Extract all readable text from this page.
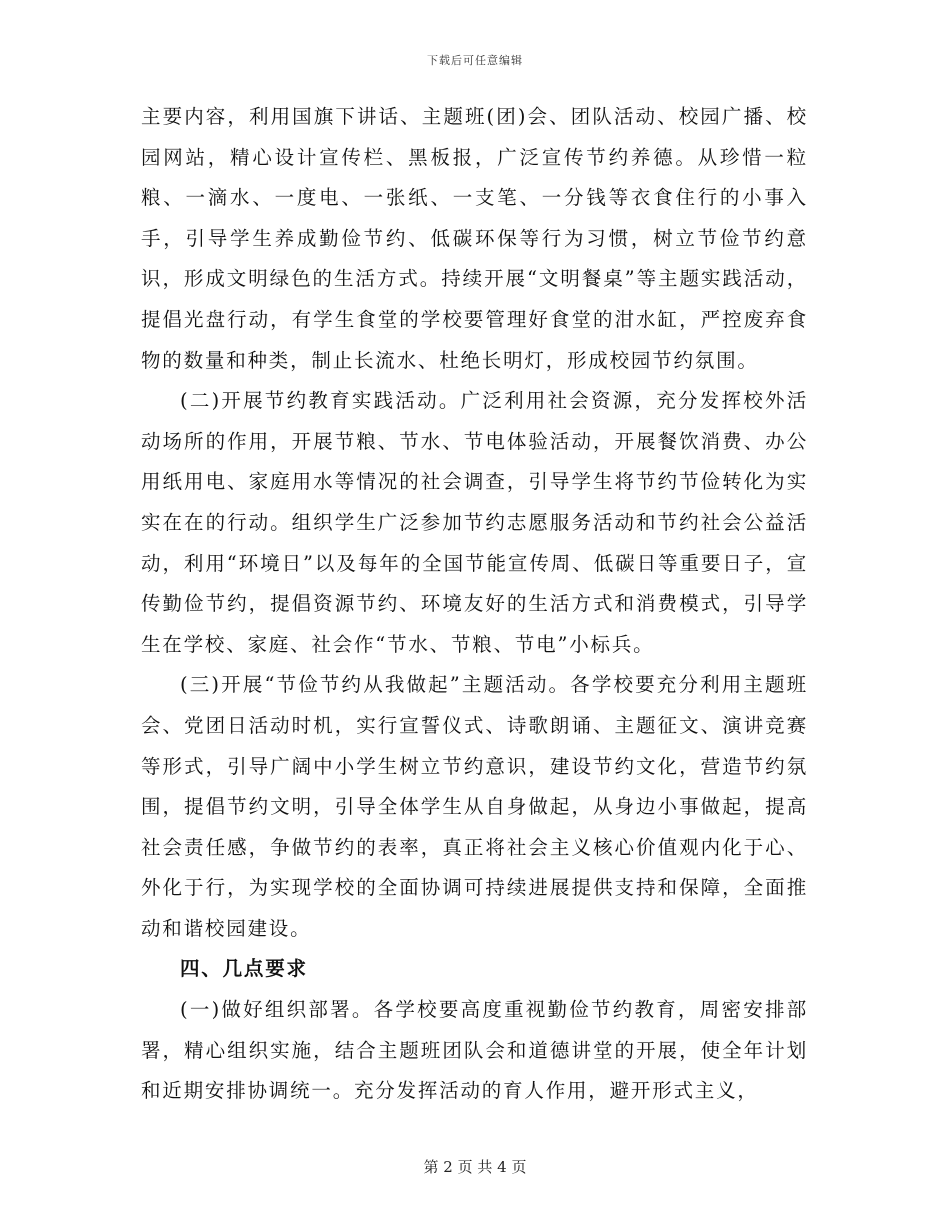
下载后可任意编辑

主要内容，利用国旗下讲话、主题班(团)会、团队活动、校园广播、校园网站，精心设计宣传栏、黑板报，广泛宣传节约养德。从珍惜一粒粮、一滴水、一度电、一张纸、一支笔、一分钱等衣食住行的小事入手，引导学生养成勤俭节约、低碳环保等行为习惯，树立节俭节约意识，形成文明绿色的生活方式。持续开展“文明餐桌”等主题实践活动，提倡光盘行动，有学生食堂的学校要管理好食堂的泔水缸，严控废弃食物的数量和种类，制止长流水、杜绝长明灯，形成校园节约氛围。

(二)开展节约教育实践活动。广泛利用社会资源，充分发挥校外活动场所的作用，开展节粮、节水、节电体验活动，开展餐饮消费、办公用纸用电、家庭用水等情况的社会调查，引导学生将节约节俭转化为实实在在的行动。组织学生广泛参加节约志愿服务活动和节约社会公益活动，利用“环境日”以及每年的全国节能宣传周、低碳日等重要日子，宣传勤俭节约，提倡资源节约、环境友好的生活方式和消费模式，引导学生在学校、家庭、社会作“节水、节粮、节电”小标兵。

(三)开展“节俭节约从我做起”主题活动。各学校要充分利用主题班会、党团日活动时机，实行宣誓仪式、诗歌朗诵、主题征文、演讲竞赛等形式，引导广阔中小学生树立节约意识，建设节约文化，营造节约氛围，提倡节约文明，引导全体学生从自身做起，从身边小事做起，提高社会责任感，争做节约的表率，真正将社会主义核心价值观内化于心、外化于行，为实现学校的全面协调可持续进展提供支持和保障，全面推动和谐校园建设。

四、几点要求

(一)做好组织部署。各学校要高度重视勤俭节约教育，周密安排部署，精心组织实施，结合主题班团队会和道德讲堂的开展，使全年计划和近期安排协调统一。充分发挥活动的育人作用，避开形式主义，

第 2 页 共 4 页
